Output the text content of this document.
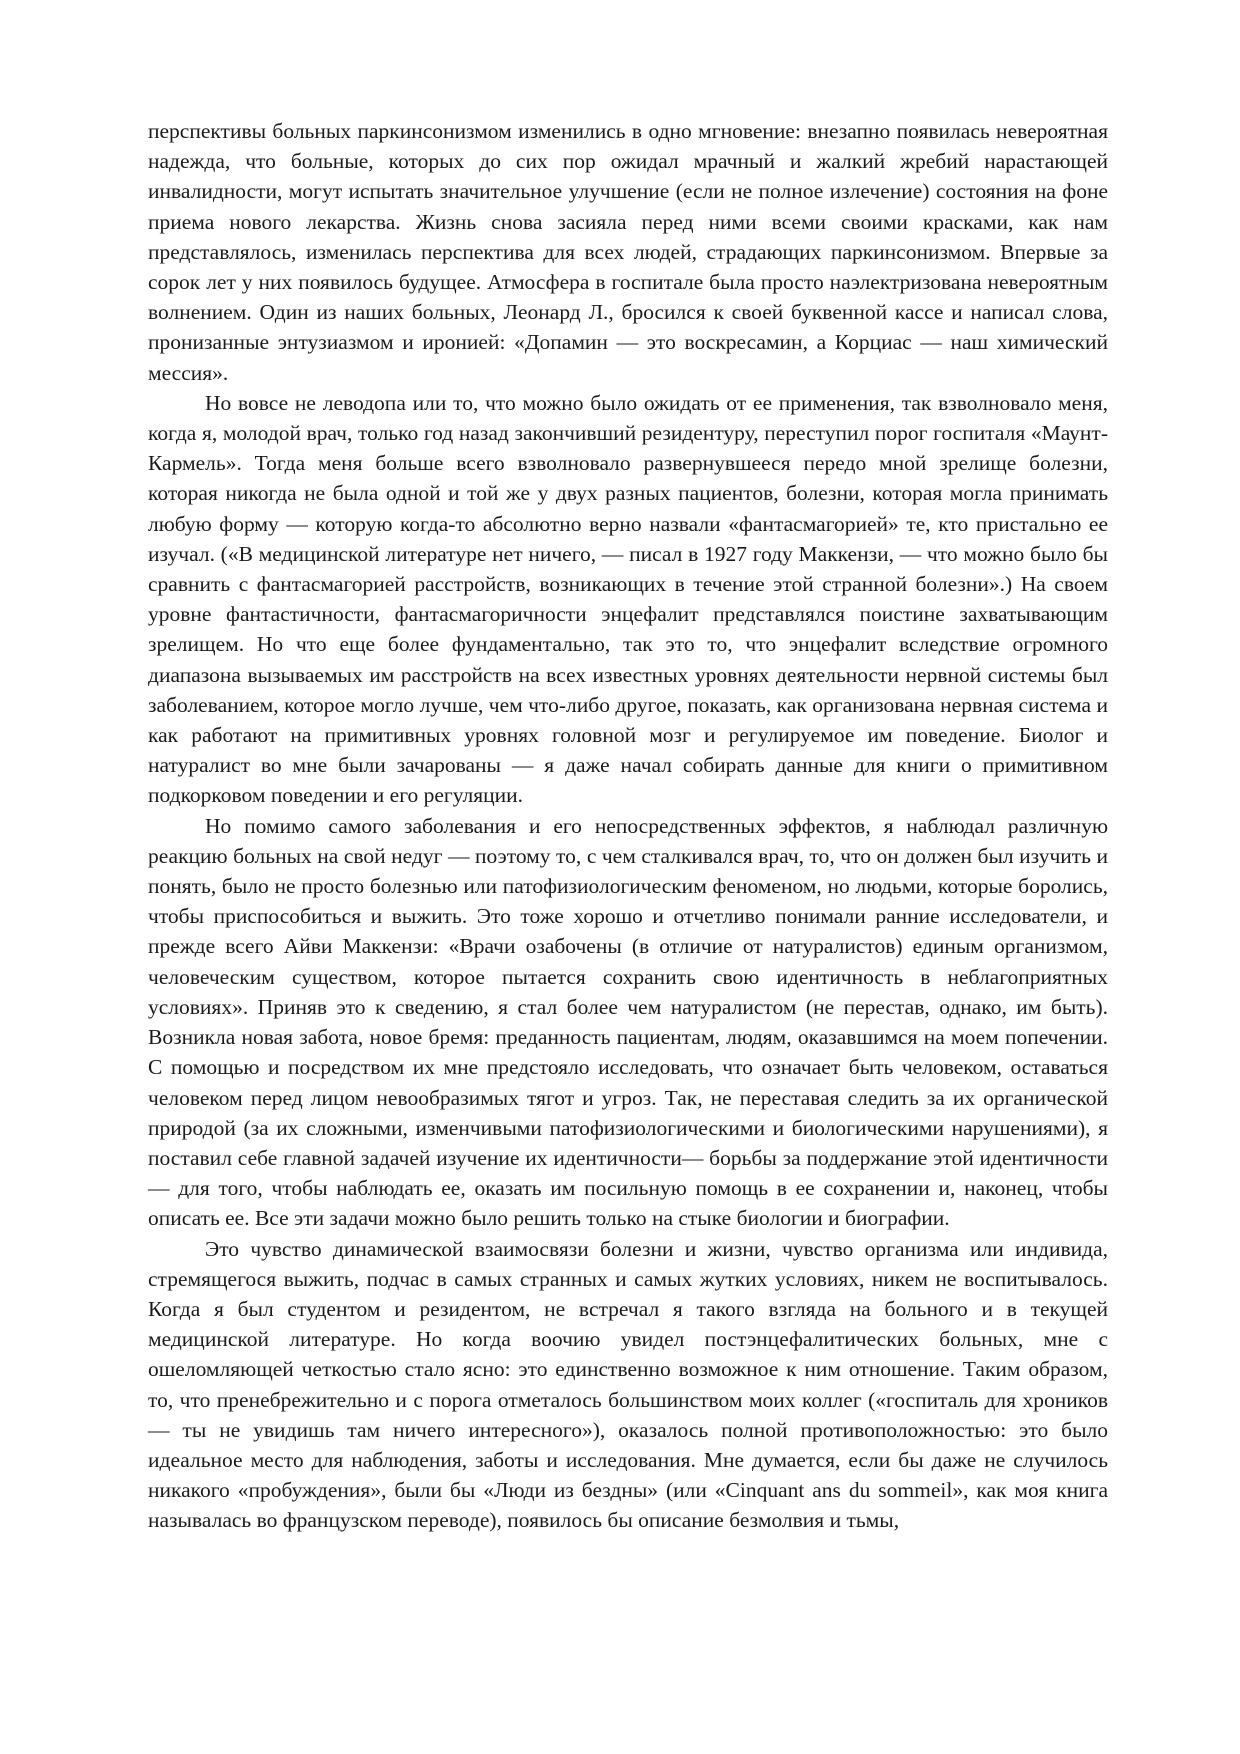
перспективы больных паркинсонизмом изменились в одно мгновение: внезапно появилась невероятная надежда, что больные, которых до сих пор ожидал мрачный и жалкий жребий нарастающей инвалидности, могут испытать значительное улучшение (если не полное излечение) состояния на фоне приема нового лекарства. Жизнь снова засияла перед ними всеми своими красками, как нам представлялось, изменилась перспектива для всех людей, страдающих паркинсонизмом. Впервые за сорок лет у них появилось будущее. Атмосфера в госпитале была просто наэлектризована невероятным волнением. Один из наших больных, Леонард Л., бросился к своей буквенной кассе и написал слова, пронизанные энтузиазмом и иронией: «Допамин — это воскресамин, а Корциас — наш химический мессия».

Но вовсе не леводопа или то, что можно было ожидать от ее применения, так взволновало меня, когда я, молодой врач, только год назад закончивший резидентуру, переступил порог госпиталя «Маунт-Кармель». Тогда меня больше всего взволновало развернувшееся передо мной зрелище болезни, которая никогда не была одной и той же у двух разных пациентов, болезни, которая могла принимать любую форму — которую когда-то абсолютно верно назвали «фантасмагорией» те, кто пристально ее изучал. («В медицинской литературе нет ничего, — писал в 1927 году Маккензи, — что можно было бы сравнить с фантасмагорией расстройств, возникающих в течение этой странной болезни».) На своем уровне фантастичности, фантасмагоричности энцефалит представлялся поистине захватывающим зрелищем. Но что еще более фундаментально, так это то, что энцефалит вследствие огромного диапазона вызываемых им расстройств на всех известных уровнях деятельности нервной системы был заболеванием, которое могло лучше, чем что-либо другое, показать, как организована нервная система и как работают на примитивных уровнях головной мозг и регулируемое им поведение. Биолог и натуралист во мне были зачарованы — я даже начал собирать данные для книги о примитивном подкорковом поведении и его регуляции.

Но помимо самого заболевания и его непосредственных эффектов, я наблюдал различную реакцию больных на свой недуг — поэтому то, с чем сталкивался врач, то, что он должен был изучить и понять, было не просто болезнью или патофизиологическим феноменом, но людьми, которые боролись, чтобы приспособиться и выжить. Это тоже хорошо и отчетливо понимали ранние исследователи, и прежде всего Айви Маккензи: «Врачи озабочены (в отличие от натуралистов) единым организмом, человеческим существом, которое пытается сохранить свою идентичность в неблагоприятных условиях». Приняв это к сведению, я стал более чем натуралистом (не перестав, однако, им быть). Возникла новая забота, новое бремя: преданность пациентам, людям, оказавшимся на моем попечении. С помощью и посредством их мне предстояло исследовать, что означает быть человеком, оставаться человеком перед лицом невообразимых тягот и угроз. Так, не переставая следить за их органической природой (за их сложными, изменчивыми патофизиологическими и биологическими нарушениями), я поставил себе главной задачей изучение их идентичности— борьбы за поддержание этой идентичности — для того, чтобы наблюдать ее, оказать им посильную помощь в ее сохранении и, наконец, чтобы описать ее. Все эти задачи можно было решить только на стыке биологии и биографии.

Это чувство динамической взаимосвязи болезни и жизни, чувство организма или индивида, стремящегося выжить, подчас в самых странных и самых жутких условиях, никем не воспитывалось. Когда я был студентом и резидентом, не встречал я такого взгляда на больного и в текущей медицинской литературе. Но когда воочию увидел постэнцефалитических больных, мне с ошеломляющей четкостью стало ясно: это единственно возможное к ним отношение. Таким образом, то, что пренебрежительно и с порога отметалось большинством моих коллег («госпиталь для хроников — ты не увидишь там ничего интересного»), оказалось полной противоположностью: это было идеальное место для наблюдения, заботы и исследования. Мне думается, если бы даже не случилось никакого «пробуждения», были бы «Люди из бездны» (или «Cinquant ans du sommeil», как моя книга называлась во французском переводе), появилось бы описание безмолвия и тьмы,
